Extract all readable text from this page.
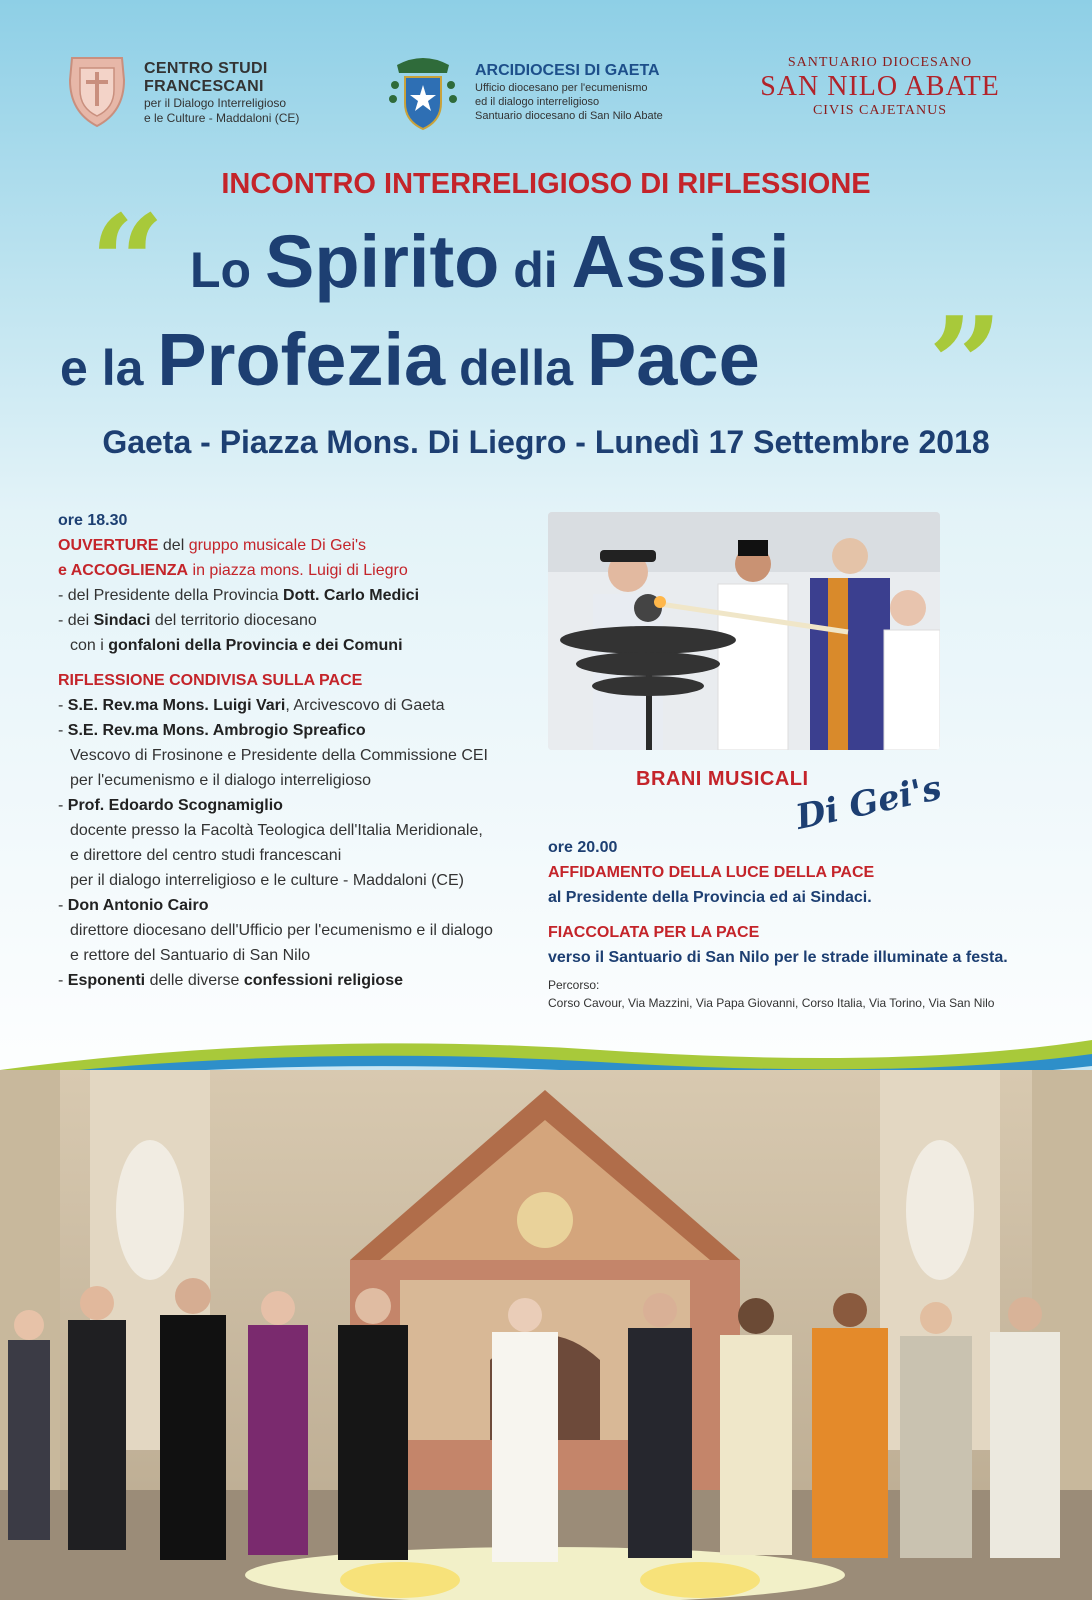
CENTRO STUDI
FRANCESCANI
per il Dialogo Interreligioso
e le Culture - Maddaloni (CE)
ARCIDIOCESI DI GAETA
Ufficio diocesano per l'ecumenismo
ed il dialogo interreligioso
Santuario diocesano di San Nilo Abate
SANTUARIO DIOCESANO
SAN NILO ABATE
CIVIS CAJETANUS
INCONTRO INTERRELIGIOSO DI RIFLESSIONE
“ Lo Spirito di Assisi
e la Profezia della Pace ”
Gaeta - Piazza Mons. Di Liegro - Lunedì 17 Settembre 2018
ore 18.30
OUVERTURE del gruppo musicale Di Gei's
e ACCOGLIENZA in piazza mons. Luigi di Liegro
- del Presidente della Provincia Dott. Carlo Medici
- dei Sindaci del territorio diocesano
con i gonfaloni della Provincia e dei Comuni
RIFLESSIONE CONDIVISA SULLA PACE
- S.E. Rev.ma Mons. Luigi Vari, Arcivescovo di Gaeta
- S.E. Rev.ma Mons. Ambrogio Spreafico
Vescovo di Frosinone e Presidente della Commissione CEI
per l'ecumenismo e il dialogo interreligioso
- Prof. Edoardo Scognamiglio
docente presso la Facoltà Teologica dell'Italia Meridionale,
e direttore del centro studi francescani
per il dialogo interreligioso e le culture - Maddaloni (CE)
- Don Antonio Cairo
direttore diocesano dell'Ufficio per l'ecumenismo e il dialogo
e rettore del Santuario di San Nilo
- Esponenti delle diverse confessioni religiose
BRANI MUSICALI
Di Gei's
ore 20.00
AFFIDAMENTO DELLA LUCE DELLA PACE
al Presidente della Provincia ed ai Sindaci.
FIACCOLATA PER LA PACE
verso il Santuario di San Nilo per le strade illuminate a festa.
Percorso:
Corso Cavour, Via Mazzini, Via Papa Giovanni, Corso Italia, Via Torino, Via San Nilo
